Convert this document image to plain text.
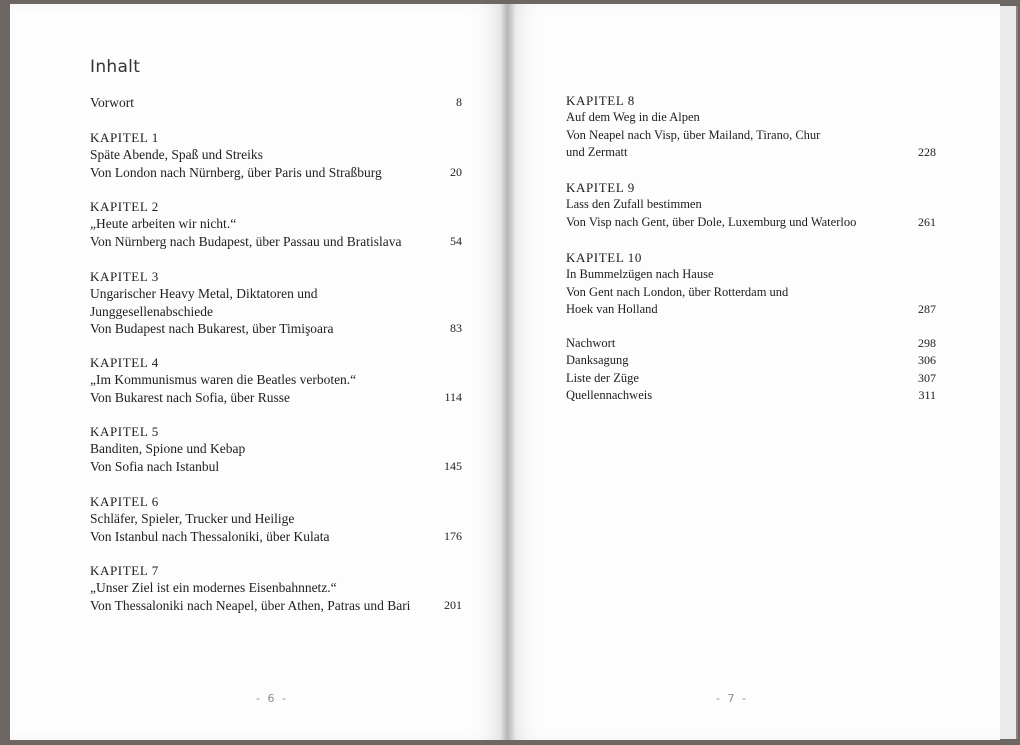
Inhalt
Vorwort	8
KAPITEL 1
Späte Abende, Spaß und Streiks
Von London nach Nürnberg, über Paris und Straßburg	20
KAPITEL 2
„Heute arbeiten wir nicht.“
Von Nürnberg nach Budapest, über Passau und Bratislava	54
KAPITEL 3
Ungarischer Heavy Metal, Diktatoren und
Junggesellenabschiede
Von Budapest nach Bukarest, über Timişoara	83
KAPITEL 4
„Im Kommunismus waren die Beatles verboten.“
Von Bukarest nach Sofia, über Russe	114
KAPITEL 5
Banditen, Spione und Kebap
Von Sofia nach Istanbul	145
KAPITEL 6
Schläfer, Spieler, Trucker und Heilige
Von Istanbul nach Thessaloniki, über Kulata	176
KAPITEL 7
„Unser Ziel ist ein modernes Eisenbahnnetz.“
Von Thessaloniki nach Neapel, über Athen, Patras und Bari	201
- 6 -	- 7 -
KAPITEL 8
Auf dem Weg in die Alpen
Von Neapel nach Visp, über Mailand, Tirano, Chur
und Zermatt	228
KAPITEL 9
Lass den Zufall bestimmen
Von Visp nach Gent, über Dole, Luxemburg und Waterloo	261
KAPITEL 10
In Bummelzügen nach Hause
Von Gent nach London, über Rotterdam und
Hoek van Holland	287
Nachwort	298
Danksagung	306
Liste der Züge	307
Quellennachweis	311
